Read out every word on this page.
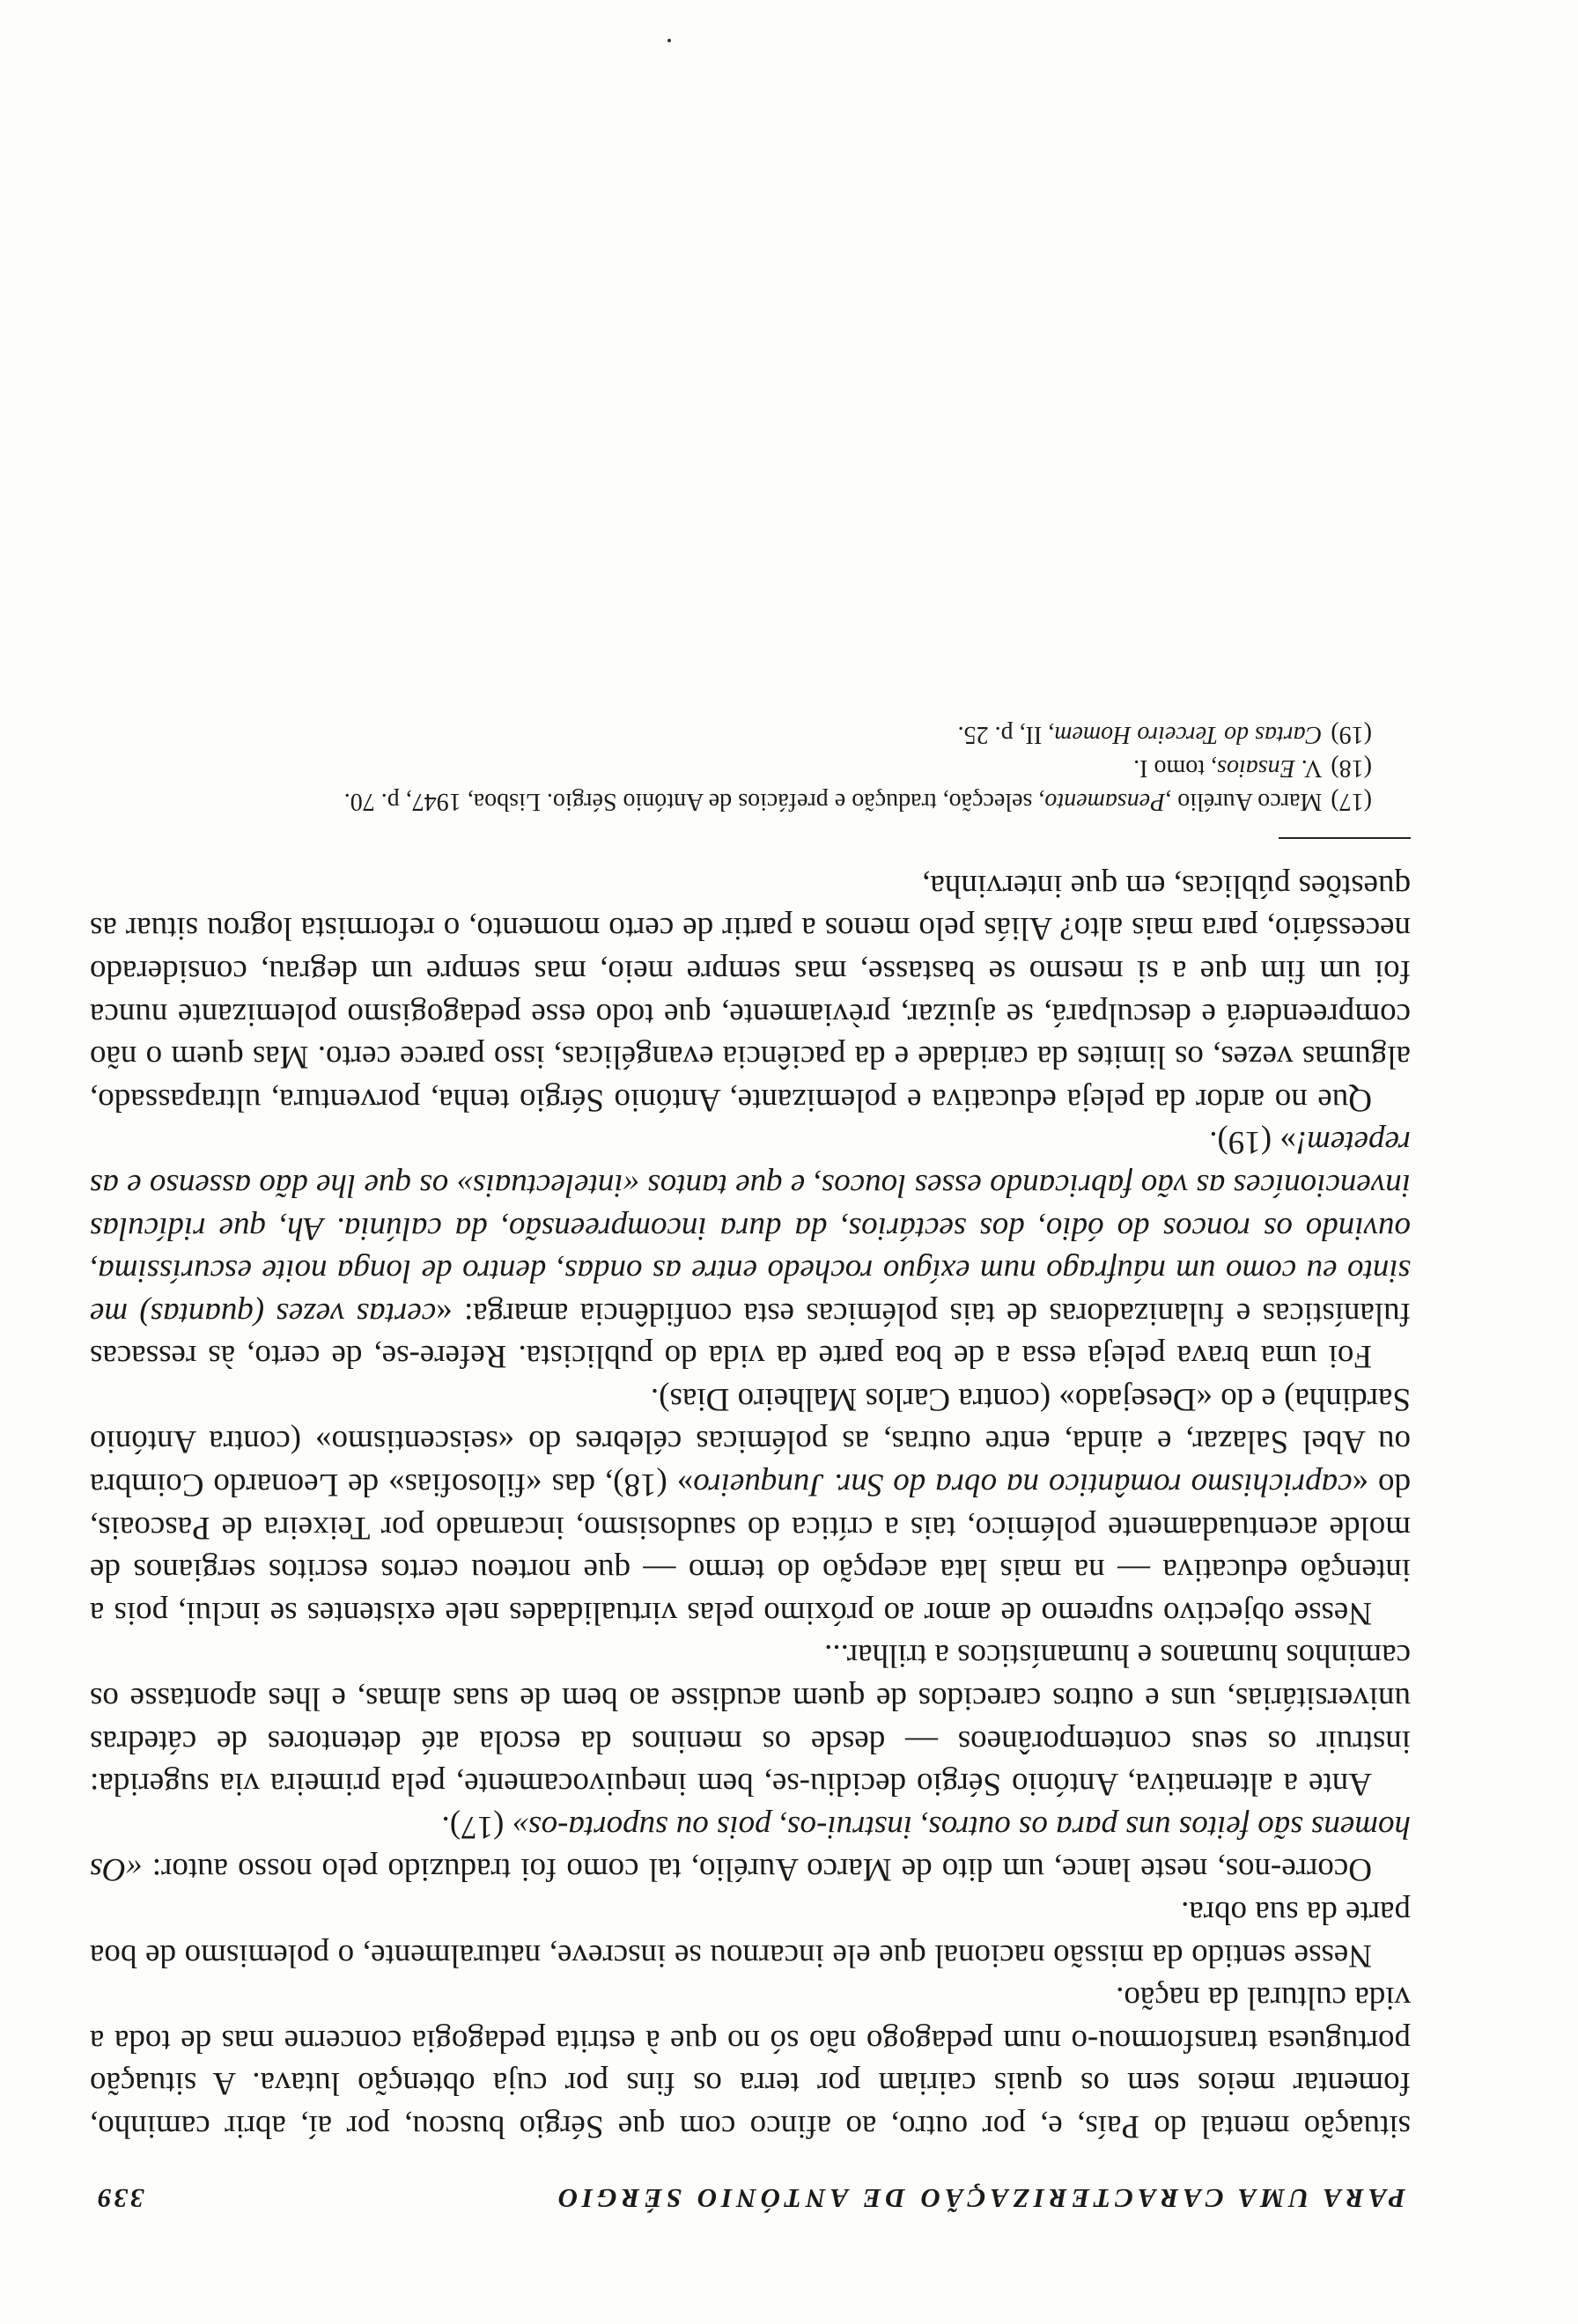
PARA UMA CARACTERIZAÇÃO DE ANTÓNIO SÉRGIO
339

situação mental do País, e, por outro, ao afinco com que Sérgio buscou, por aí, abrir caminho, fomentar meios sem os quais cairiam por terra os fins por cuja obtenção lutava. A situação portuguesa transformou-o num pedagogo não só no que à estrita pedagogia concerne mas de toda a vida cultural da nação.

Nesse sentido da missão nacional que ele incarnou se inscreve, naturalmente, o polemismo de boa parte da sua obra.

Ocorre-nos, neste lance, um dito de Marco Aurélio, tal como foi traduzido pelo nosso autor: «Os homens são feitos uns para os outros, instrui-os, pois ou suporta-os» (17).

Ante a alternativa, António Sérgio decidiu-se, bem inequivocamente, pela primeira via sugerida: instruir os seus contemporâneos — desde os meninos da escola até detentores de cátedras universitárias, uns e outros carecidos de quem acudisse ao bem de suas almas, e lhes apontasse os caminhos humanos e humanísticos a trilhar...

Nesse objectivo supremo de amor ao próximo pelas virtualidades nele existentes se inclui, pois a intenção educativa — na mais lata acepção do termo — que norteou certos escritos sergianos de molde acentuadamente polémico, tais a crítica do saudosismo, incarnado por Teixeira de Pascoais, do «caprichismo romântico na obra do Snr. Junqueiro» (18), das «filosofias» de Leonardo Coimbra ou Abel Salazar, e ainda, entre outras, as polémicas célebres do «seiscentismo» (contra António Sardinha) e do «Desejado» (contra Carlos Malheiro Dias).

Foi uma brava peleja essa a de boa parte da vida do publicista. Refere-se, de certo, às ressacas fulanísticas e fulanizadoras de tais polémicas esta confidência amarga: «certas vezes (quantas) me sinto eu como um náufrago num exíguo rochedo entre as ondas, dentro de longa noite escuríssima, ouvindo os roncos do ódio, dos sectários, da dura incompreensão, da calúnia. Ah, que ridículas invencioníces as vão fabricando esses loucos, e que tantos «intelectuais» os que lhe dão assenso e as repetem!» (19).

Que no ardor da peleja educativa e polemizante, António Sérgio tenha, porventura, ultrapassado, algumas vezes, os limites da caridade e da paciência evangélicas, isso parece certo. Mas quem o não compreenderá e desculpará, se ajuizar, prèviamente, que todo esse pedagogismo polemizante nunca foi um fim que a si mesmo se bastasse, mas sempre meio, mas sempre um degrau, considerado necessário, para mais alto? Aliás pelo menos a partir de certo momento, o reformista logrou situar as questões públicas, em que intervinha,

(17)Marco Aurélio ,Pensamento, selecção, tradução e prefácios de António Sérgio. Lisboa, 1947, p. 70.

(18)V. Ensaios, tomo I.

(19)Cartas do Terceiro Homem, II, p. 25.
